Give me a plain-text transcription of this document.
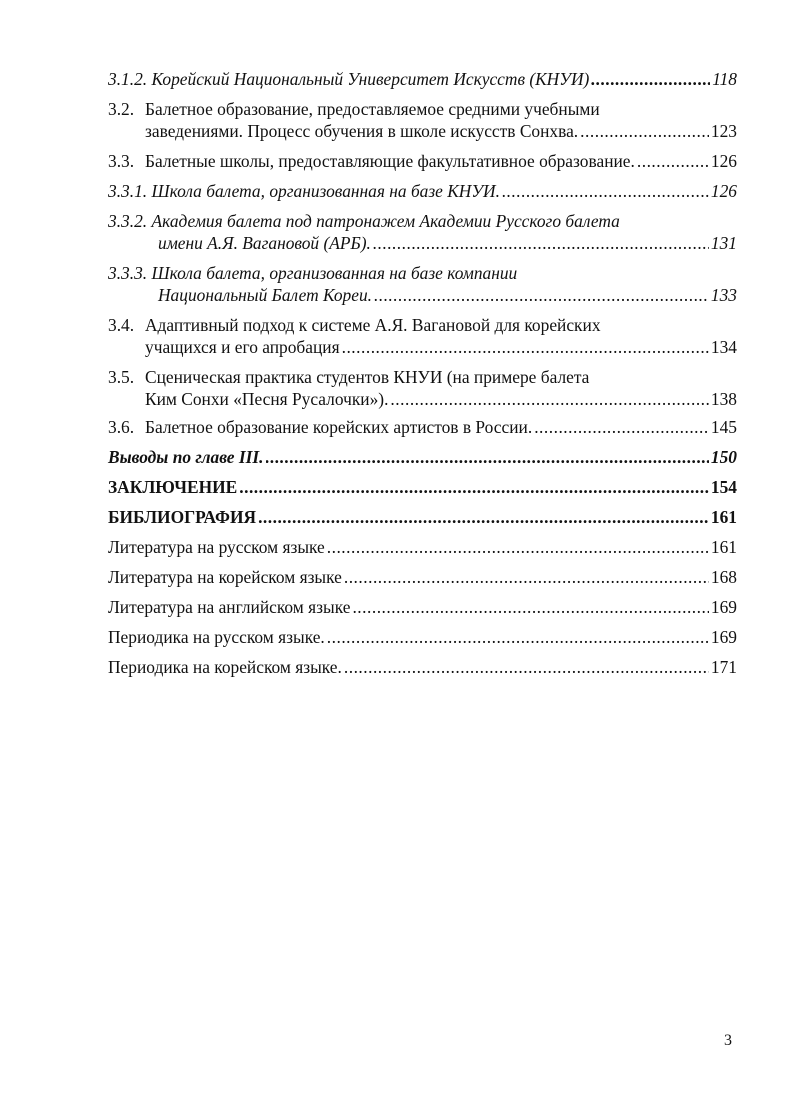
3.1.2. Корейский Национальный Университет Искусств (КНУИ) .....	118
3.2. Балетное образование, предоставляемое средними учебными
заведениями. Процесс обучения в школе искусств Сонхва. .....	123
3.3. Балетные школы, предоставляющие факультативное образование. .....	126
3.3.1. Школа балета, организованная на базе КНУИ. .....	126
3.3.2. Академия балета под патронажем Академии Русского балета
имени А.Я. Вагановой (АРБ). .....	131
3.3.3. Школа балета, организованная на базе компании
Национальный Балет Кореи. .....	133
3.4. Адаптивный подход к системе А.Я. Вагановой для корейских
учащихся и его апробация .....	134
3.5. Сценическая практика студентов КНУИ (на примере балета
Ким Сонхи «Песня Русалочки»). .....	138
3.6. Балетное образование корейских артистов в России. .....	145
Выводы по главе III. .....	150
ЗАКЛЮЧЕНИЕ .....	154
БИБЛИОГРАФИЯ .....	161
Литература на русском языке .....	161
Литература на корейском языке .....	168
Литература на английском языке .....	169
Периодика на русском языке. .....	169
Периодика на корейском языке. .....	171
3
